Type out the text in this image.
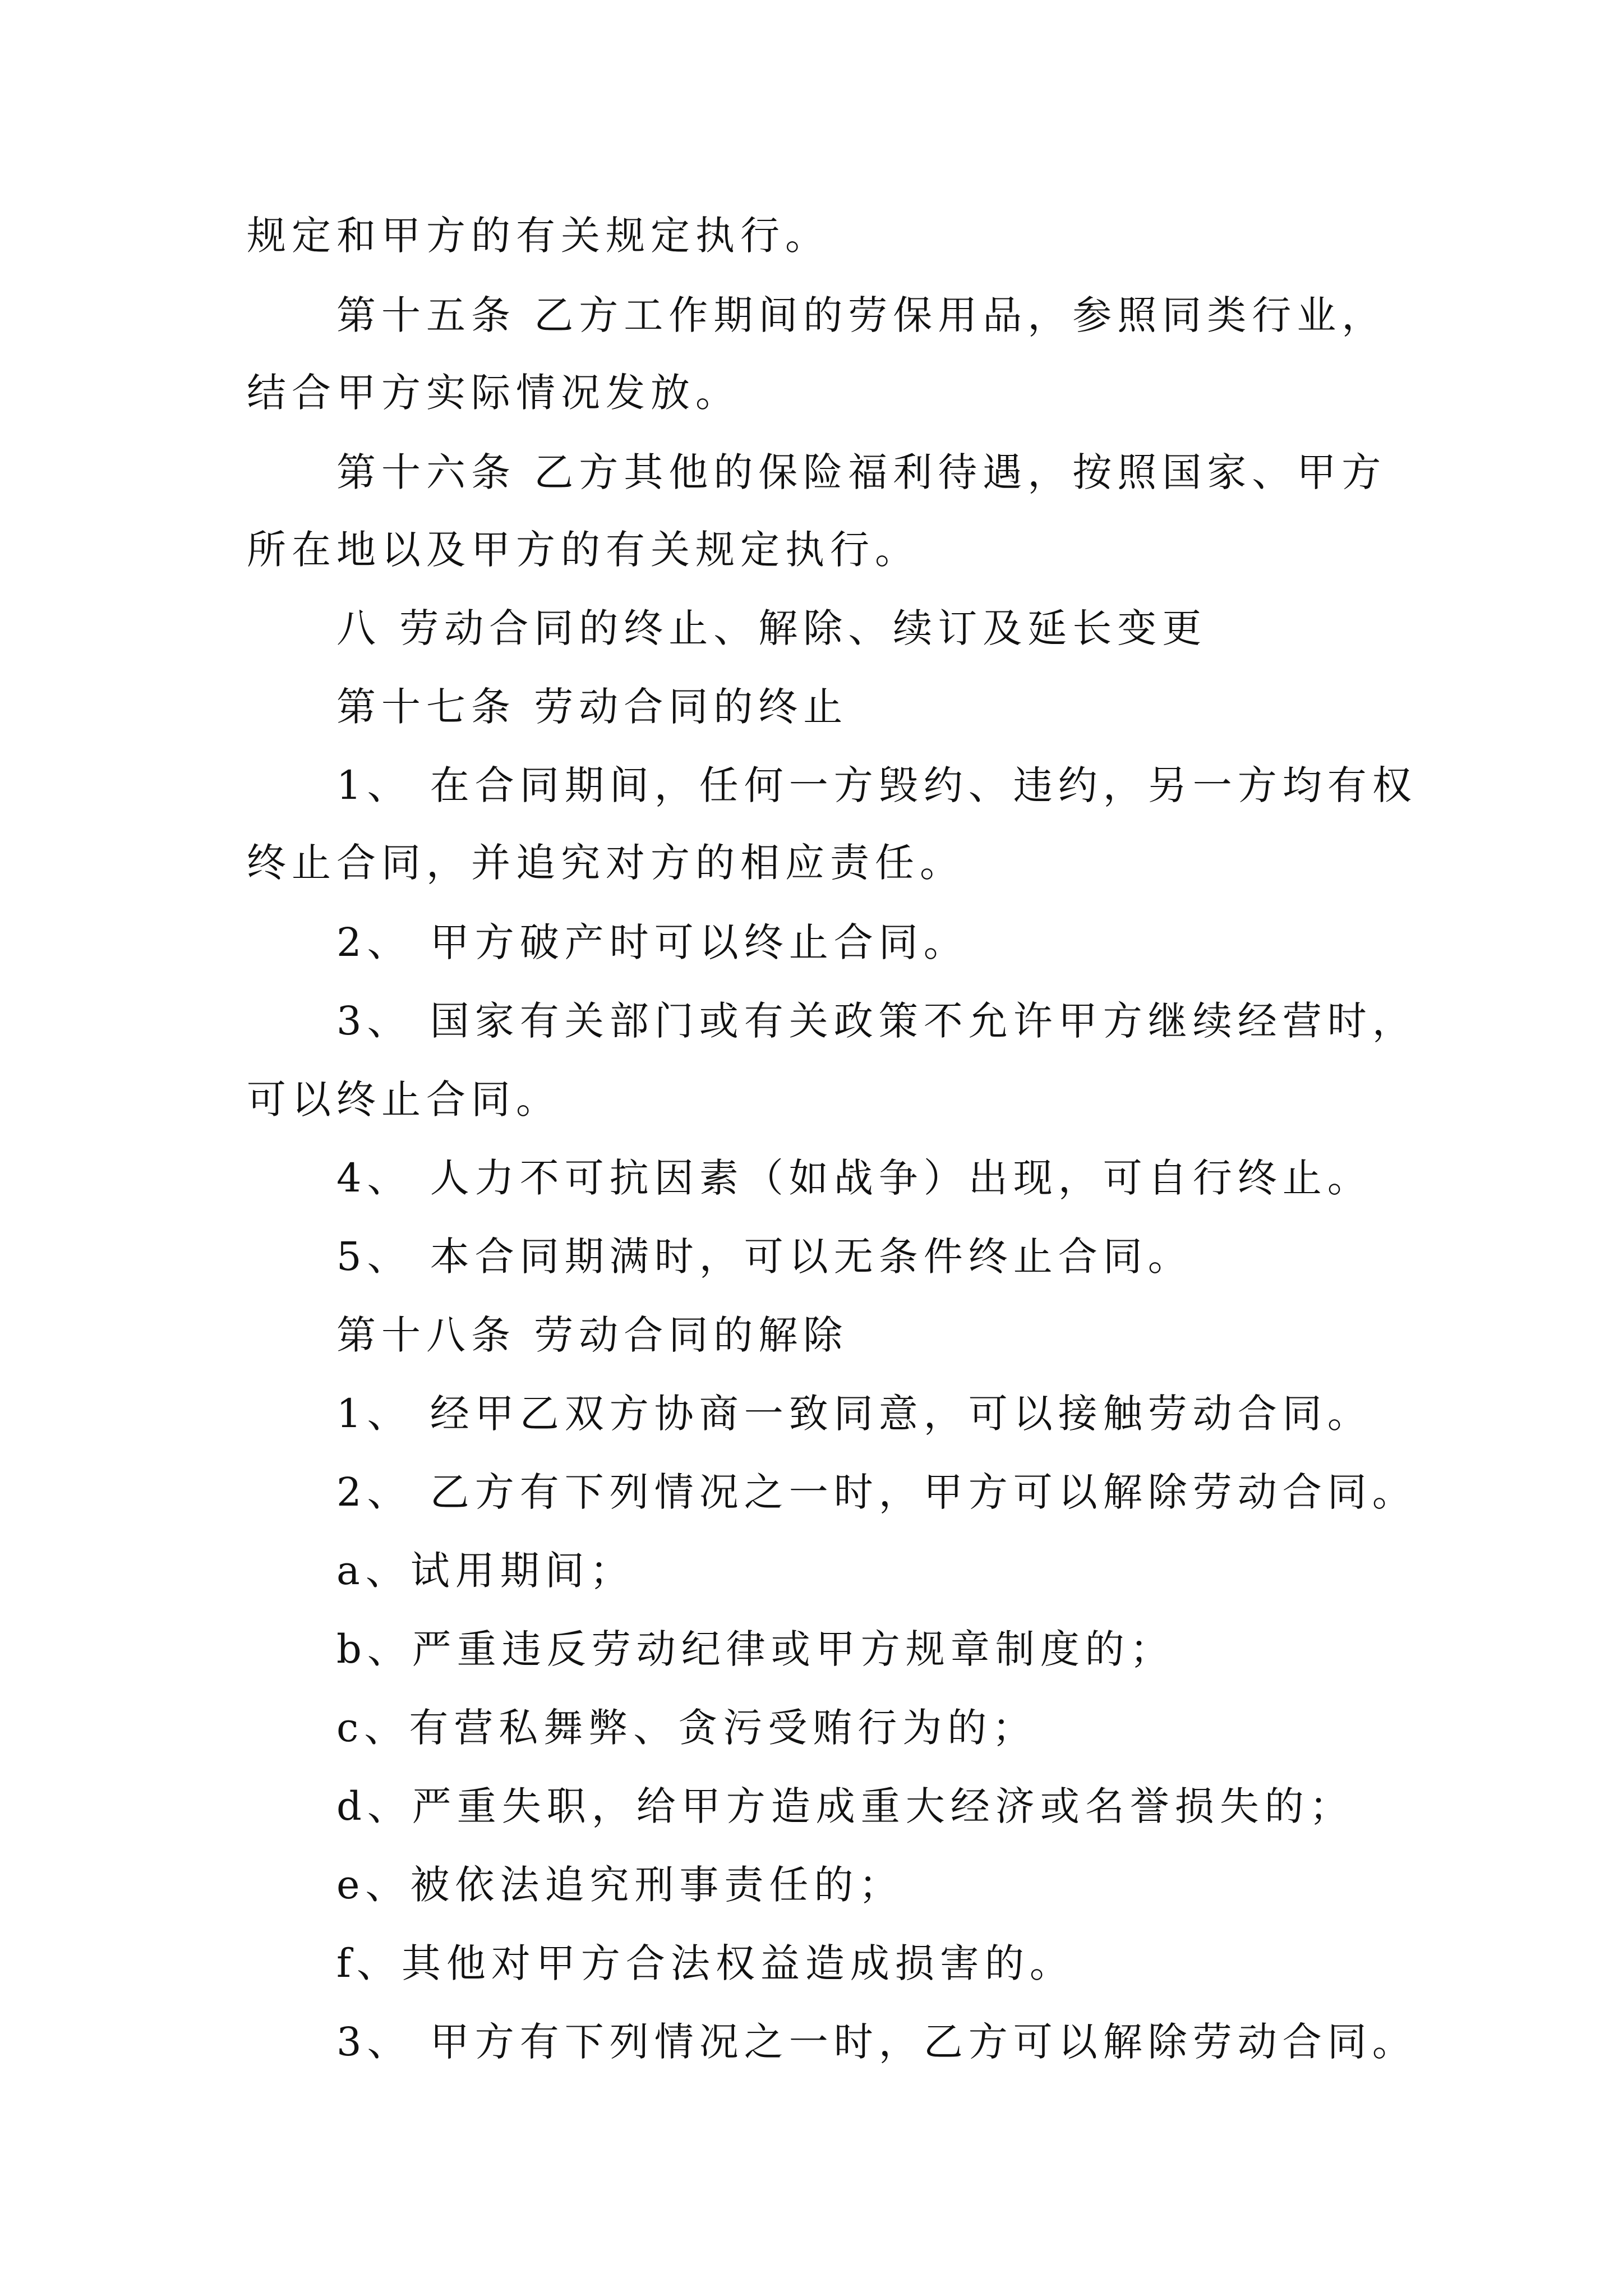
规定和甲方的有关规定执行。
第十五条 乙方工作期间的劳保用品，参照同类行业，
结合甲方实际情况发放。
第十六条 乙方其他的保险福利待遇，按照国家、甲方
所在地以及甲方的有关规定执行。
八 劳动合同的终止、解除、续订及延长变更
第十七条 劳动合同的终止
1、 在合同期间，任何一方毁约、违约，另一方均有权
终止合同，并追究对方的相应责任。
2、 甲方破产时可以终止合同。
3、 国家有关部门或有关政策不允许甲方继续经营时，
可以终止合同。
4、 人力不可抗因素（如战争）出现，可自行终止。
5、 本合同期满时，可以无条件终止合同。
第十八条 劳动合同的解除
1、 经甲乙双方协商一致同意，可以接触劳动合同。
2、 乙方有下列情况之一时，甲方可以解除劳动合同。
a、试用期间；
b、严重违反劳动纪律或甲方规章制度的；
c、有营私舞弊、贪污受贿行为的；
d、严重失职，给甲方造成重大经济或名誉损失的；
e、被依法追究刑事责任的；
f、其他对甲方合法权益造成损害的。
3、 甲方有下列情况之一时，乙方可以解除劳动合同。
